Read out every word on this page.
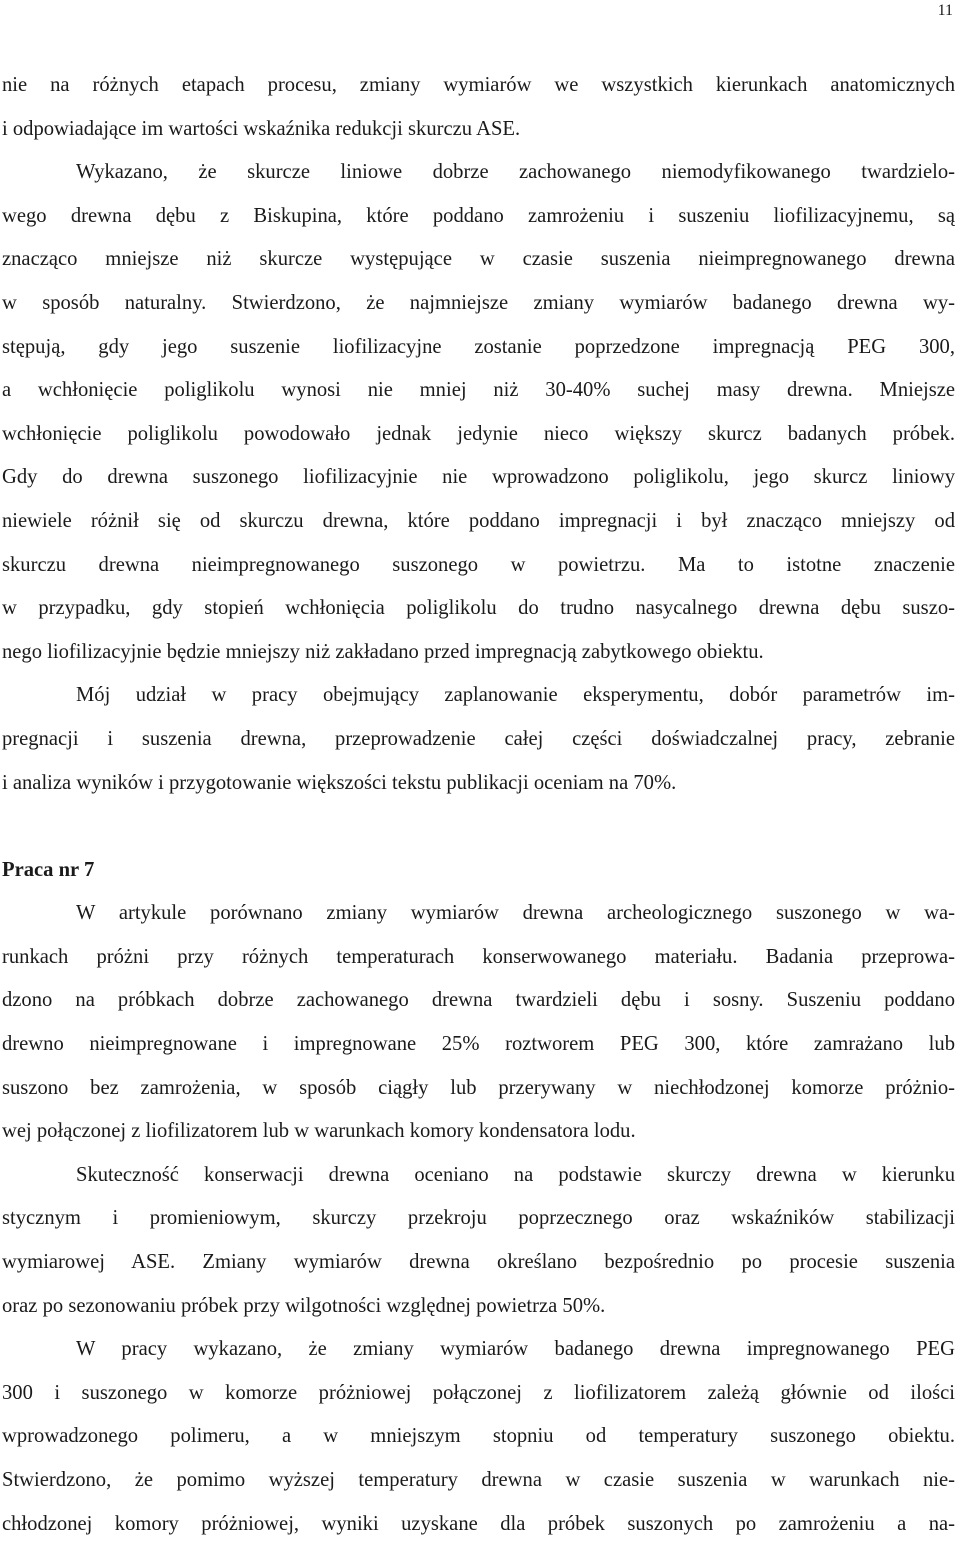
11
nie na różnych etapach procesu, zmiany wymiarów we wszystkich kierunkach anatomicznych
i odpowiadające im wartości wskaźnika redukcji skurczu ASE.
Wykazano, że skurcze liniowe dobrze zachowanego niemodyfikowanego twardzielo-
wego drewna dębu z Biskupina, które poddano zamrożeniu i suszeniu liofilizacyjnemu, są
znacząco mniejsze niż skurcze występujące w czasie suszenia nieimpregnowanego drewna
w sposób naturalny. Stwierdzono, że najmniejsze zmiany wymiarów badanego drewna wy-
stępują, gdy jego suszenie liofilizacyjne zostanie poprzedzone impregnacją PEG 300,
a wchłonięcie poliglikolu wynosi nie mniej niż 30-40% suchej masy drewna. Mniejsze
wchłonięcie poliglikolu powodowało jednak jedynie nieco większy skurcz badanych próbek.
Gdy do drewna suszonego liofilizacyjnie nie wprowadzono poliglikolu, jego skurcz liniowy
niewiele różnił się od skurczu drewna, które poddano impregnacji i był znacząco mniejszy od
skurczu drewna nieimpregnowanego suszonego w powietrzu. Ma to istotne znaczenie
w przypadku, gdy stopień wchłonięcia poliglikolu do trudno nasycalnego drewna dębu suszo-
nego liofilizacyjnie będzie mniejszy niż zakładano przed impregnacją zabytkowego obiektu.
Mój udział w pracy obejmujący zaplanowanie eksperymentu, dobór parametrów im-
pregnacji i suszenia drewna, przeprowadzenie całej części doświadczalnej pracy, zebranie
i analiza wyników i przygotowanie większości tekstu publikacji oceniam na 70%.
Praca nr 7
W artykule porównano zmiany wymiarów drewna archeologicznego suszonego w wa-
runkach próżni przy różnych temperaturach konserwowanego materiału. Badania przeprowa-
dzono na próbkach dobrze zachowanego drewna twardzieli dębu i sosny. Suszeniu poddano
drewno nieimpregnowane i impregnowane 25% roztworem PEG 300, które zamrażano lub
suszono bez zamrożenia, w sposób ciągły lub przerywany w niechłodzonej komorze próżnio-
wej połączonej z liofilizatorem lub w warunkach komory kondensatora lodu.
Skuteczność konserwacji drewna oceniano na podstawie skurczy drewna w kierunku
stycznym i promieniowym, skurczy przekroju poprzecznego oraz wskaźników stabilizacji
wymiarowej ASE. Zmiany wymiarów drewna określano bezpośrednio po procesie suszenia
oraz po sezonowaniu próbek przy wilgotności względnej powietrza 50%.
W pracy wykazano, że zmiany wymiarów badanego drewna impregnowanego PEG
300 i suszonego w komorze próżniowej połączonej z liofilizatorem zależą głównie od ilości
wprowadzonego polimeru, a w mniejszym stopniu od temperatury suszonego obiektu.
Stwierdzono, że pomimo wyższej temperatury drewna w czasie suszenia w warunkach nie-
chłodzonej komory próżniowej, wyniki uzyskane dla próbek suszonych po zamrożeniu a na-
